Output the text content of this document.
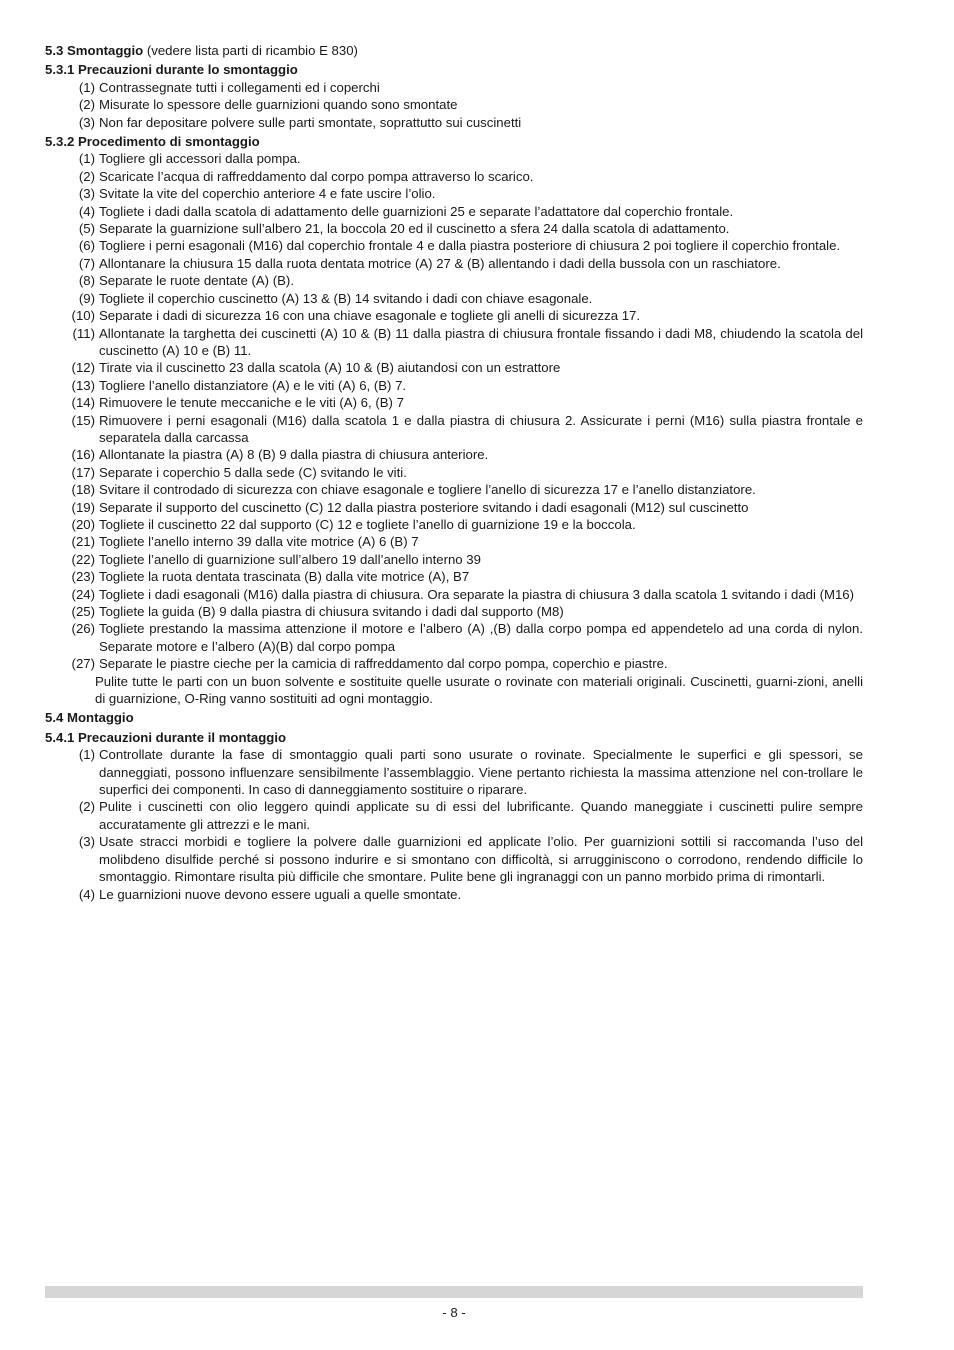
5.3 Smontaggio (vedere lista parti di ricambio E 830)

5.3.1 Precauzioni durante lo smontaggio

(1) Contrassegnate tutti i collegamenti ed i coperchi
(2) Misurate lo spessore delle guarnizioni quando sono smontate
(3) Non far depositare polvere sulle parti smontate, soprattutto sui cuscinetti

5.3.2 Procedimento di smontaggio

(1) Togliere gli accessori dalla pompa.
(2) Scaricate l’acqua di raffreddamento dal corpo pompa attraverso lo scarico.
(3) Svitate la vite del coperchio anteriore 4 e fate uscire l’olio.
(4) Togliete i dadi dalla scatola di adattamento delle guarnizioni 25 e separate l’adattatore dal coperchio frontale.
(5) Separate la guarnizione sull’albero 21, la boccola 20 ed il cuscinetto a sfera 24 dalla scatola di adattamento.
(6) Togliere i perni esagonali (M16) dal coperchio frontale 4 e dalla piastra posteriore di chiusura 2 poi togliere il coperchio frontale.
(7) Allontanare la chiusura 15 dalla ruota dentata motrice (A) 27 & (B) allentando i dadi della bussola con un raschiatore.
(8) Separate le ruote dentate (A) (B).
(9) Togliete il coperchio cuscinetto (A) 13 & (B) 14 svitando i dadi con chiave esagonale.
(10) Separate i dadi di sicurezza 16 con una chiave esagonale e togliete gli anelli di sicurezza 17.
(11) Allontanate la targhetta dei cuscinetti (A) 10 & (B) 11 dalla piastra di chiusura frontale fissando i dadi M8, chiudendo la scatola del cuscinetto (A) 10 e (B) 11.
(12) Tirate via il cuscinetto 23 dalla scatola (A) 10 & (B) aiutandosi con un estrattore
(13) Togliere l’anello distanziatore (A) e le viti (A) 6, (B) 7.
(14) Rimuovere le tenute meccaniche e le viti (A) 6, (B) 7
(15) Rimuovere i perni esagonali (M16) dalla scatola 1 e dalla piastra di chiusura 2. Assicurate i perni (M16) sulla piastra frontale e separatela dalla carcassa
(16) Allontanate la piastra (A) 8 (B) 9 dalla piastra di chiusura anteriore.
(17) Separate i coperchio 5 dalla sede (C) svitando le viti.
(18) Svitare il controdado di sicurezza con chiave esagonale e togliere l’anello di sicurezza 17 e l’anello distanziatore.
(19) Separate il supporto del cuscinetto (C) 12 dalla piastra posteriore svitando i dadi esagonali (M12) sul cuscinetto
(20) Togliete il cuscinetto 22 dal supporto (C) 12 e togliete l’anello di guarnizione 19 e la boccola.
(21) Togliete l’anello interno 39 dalla vite motrice (A) 6 (B) 7
(22) Togliete l’anello di guarnizione sull’albero 19 dall’anello interno 39
(23) Togliete la ruota dentata trascinata (B) dalla vite motrice (A), B7
(24) Togliete i dadi esagonali (M16) dalla piastra di chiusura. Ora separate la piastra di chiusura 3 dalla scatola 1 svitando i dadi (M16)
(25) Togliete la guida (B) 9 dalla piastra di chiusura svitando i dadi dal supporto (M8)
(26) Togliete prestando la massima attenzione il motore e l’albero (A) ,(B) dalla corpo pompa ed appendetelo ad una corda di nylon. Separate motore e l’albero (A)(B) dal corpo pompa
(27) Separate le piastre cieche per la camicia di raffreddamento dal corpo pompa, coperchio e piastre.
Pulite tutte le parti con un buon solvente e sostituite quelle usurate o rovinate con materiali originali. Cuscinetti, guarni-zioni, anelli di guarnizione, O-Ring vanno sostituiti ad ogni montaggio.

5.4 Montaggio

5.4.1 Precauzioni durante il montaggio

(1) Controllate durante la fase di smontaggio quali parti sono usurate o rovinate. Specialmente le superfici e gli spessori, se danneggiati, possono influenzare sensibilmente l’assemblaggio. Viene pertanto richiesta la massima attenzione nel con-trollare le superfici dei componenti. In caso di danneggiamento sostituire o riparare.
(2) Pulite i cuscinetti con olio leggero quindi applicate su di essi del lubrificante. Quando maneggiate i cuscinetti pulire sempre accuratamente gli attrezzi e le mani.
(3) Usate stracci morbidi e togliere la polvere dalle guarnizioni ed applicate l’olio. Per guarnizioni sottili si raccomanda l’uso del molibdeno disulfide perché si possono indurire e si smontano con difficoltà, si arrugginiscono o corrodono, rendendo difficile lo smontaggio. Rimontare risulta più difficile che smontare. Pulite bene gli ingranaggi con un panno morbido prima di rimontarli.
(4) Le guarnizioni nuove devono essere uguali a quelle smontate.
- 8 -
